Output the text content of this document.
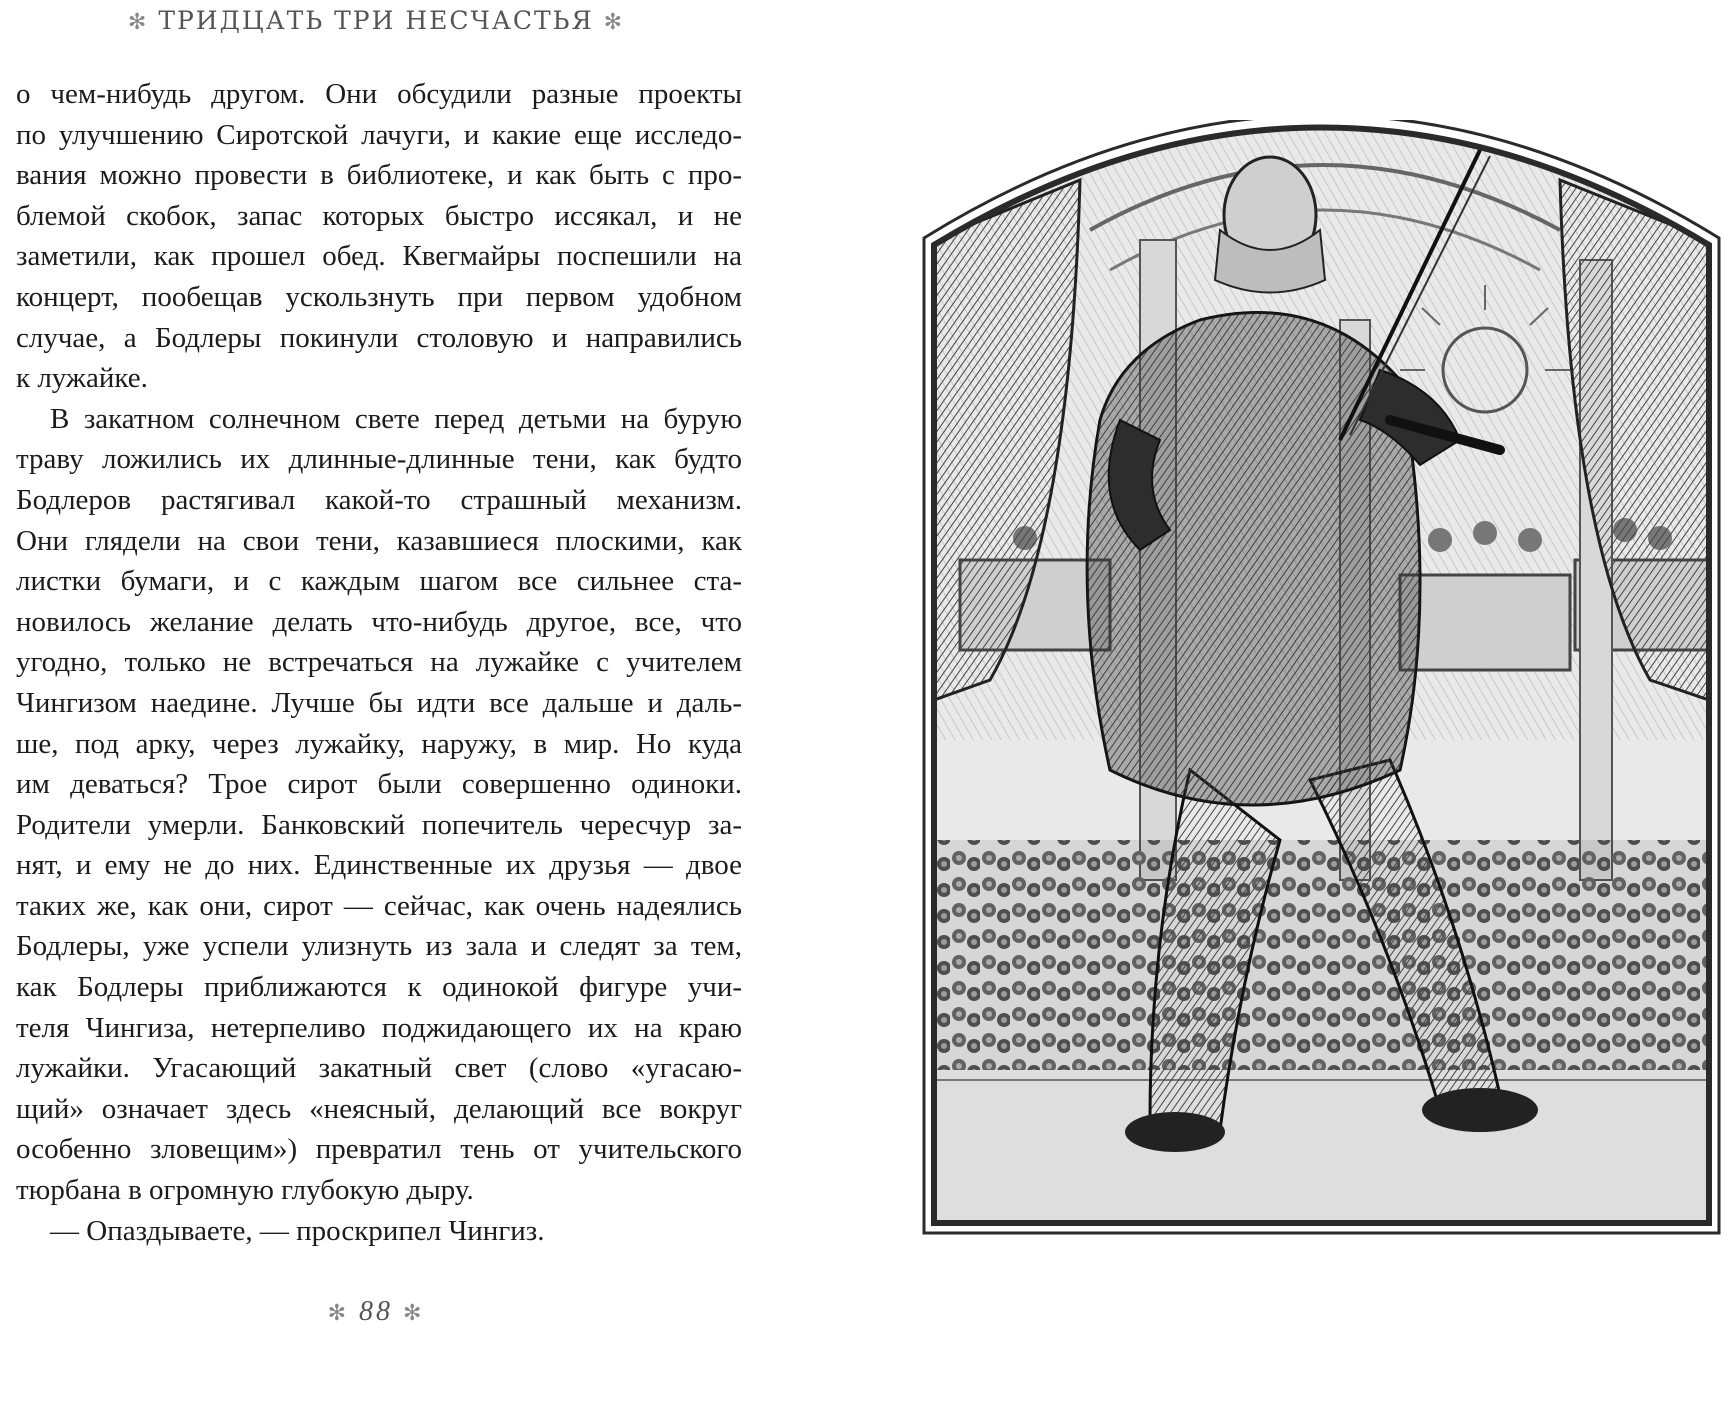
✻ ТРИДЦАТЬ ТРИ НЕСЧАСТЬЯ ✻
о чем-нибудь другом. Они обсудили разные проекты
по улучшению Сиротской лачуги, и какие еще исследо-
вания можно провести в библиотеке, и как быть с про-
блемой скобок, запас которых быстро иссякал, и не
заметили, как прошел обед. Квегмайры поспешили на
концерт, пообещав ускользнуть при первом удобном
случае, а Бодлеры покинули столовую и направились
к лужайке.
В закатном солнечном свете перед детьми на бурую
траву ложились их длинные-длинные тени, как будто
Бодлеров растягивал какой-то страшный механизм.
Они глядели на свои тени, казавшиеся плоскими, как
листки бумаги, и с каждым шагом все сильнее ста-
новилось желание делать что-нибудь другое, все, что
угодно, только не встречаться на лужайке с учителем
Чингизом наедине. Лучше бы идти все дальше и даль-
ше, под арку, через лужайку, наружу, в мир. Но куда
им деваться? Трое сирот были совершенно одиноки.
Родители умерли. Банковский попечитель чересчур за-
нят, и ему не до них. Единственные их друзья — двое
таких же, как они, сирот — сейчас, как очень надеялись
Бодлеры, уже успели улизнуть из зала и следят за тем,
как Бодлеры приближаются к одинокой фигуре учи-
теля Чингиза, нетерпеливо поджидающего их на краю
лужайки. Угасающий закатный свет (слово «угасаю-
щий» означает здесь «неясный, делающий все вокруг
особенно зловещим») превратил тень от учительского
тюрбана в огромную глубокую дыру.
— Опаздываете, — проскрипел Чингиз.
✻ 88 ✻
